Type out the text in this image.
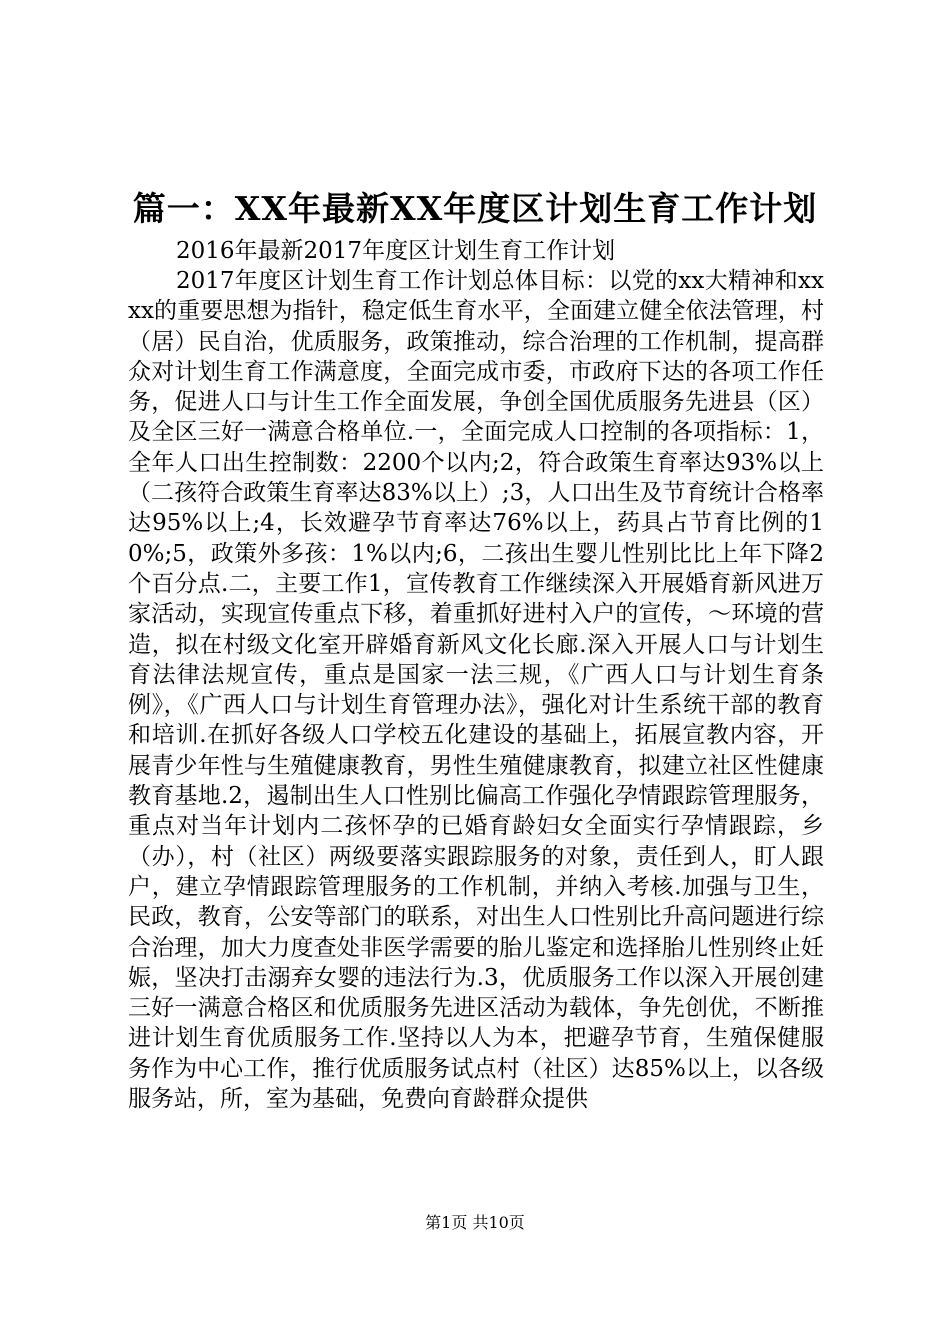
篇一：XX年最新XX年度区计划生育工作计划
2016年最新2017年度区计划生育工作计划

2017年度区计划生育工作计划总体目标：以党的xx大精神和xxxx的重要思想为指针，稳定低生育水平，全面建立健全依法管理，村（居）民自治，优质服务，政策推动，综合治理的工作机制，提高群众对计划生育工作满意度，全面完成市委，市政府下达的各项工作任务，促进人口与计生工作全面发展，争创全国优质服务先进县（区）及全区三好一满意合格单位.一，全面完成人口控制的各项指标：1，全年人口出生控制数：2200个以内;2，符合政策生育率达93%以上（二孩符合政策生育率达83%以上）;3，人口出生及节育统计合格率达95%以上;4，长效避孕节育率达76%以上，药具占节育比例的10%;5，政策外多孩：1%以内;6，二孩出生婴儿性别比比上年下降2个百分点.二，主要工作1，宣传教育工作继续深入开展婚育新风进万家活动，实现宣传重点下移，着重抓好进村入户的宣传，～环境的营造，拟在村级文化室开辟婚育新风文化长廊.深入开展人口与计划生育法律法规宣传，重点是国家一法三规，《广西人口与计划生育条例》，《广西人口与计划生育管理办法》，强化对计生系统干部的教育和培训.在抓好各级人口学校五化建设的基础上，拓展宣教内容，开展青少年性与生殖健康教育，男性生殖健康教育，拟建立社区性健康教育基地.2，遏制出生人口性别比偏高工作强化孕情跟踪管理服务，重点对当年计划内二孩怀孕的已婚育龄妇女全面实行孕情跟踪，乡（办），村（社区）两级要落实跟踪服务的对象，责任到人，盯人跟户，建立孕情跟踪管理服务的工作机制，并纳入考核.加强与卫生，民政，教育，公安等部门的联系，对出生人口性别比升高问题进行综合治理，加大力度查处非医学需要的胎儿鉴定和选择胎儿性别终止妊娠，坚决打击溺弃女婴的违法行为.3，优质服务工作以深入开展创建三好一满意合格区和优质服务先进区活动为载体，争先创优，不断推进计划生育优质服务工作.坚持以人为本，把避孕节育，生殖保健服务作为中心工作，推行优质服务试点村（社区）达85%以上，以各级服务站，所，室为基础，免费向育龄群众提供

第1页 共10页
